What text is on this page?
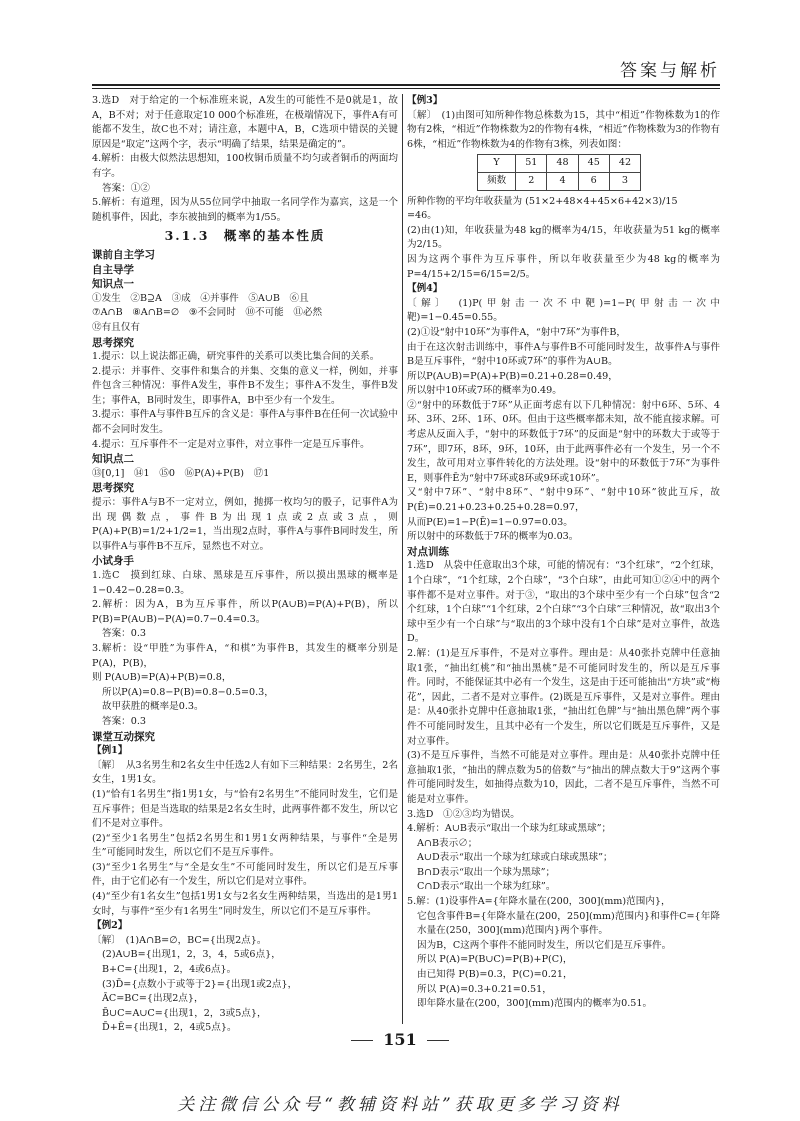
答案与解析

3.选D　对于给定的一个标准班来说，A发生的可能性不是0就是1，故A，B不对；对于任意取定10 000个标准班，在极端情况下，事件A有可能都不发生，故C也不对；请注意，本题中A，B，C选项中错误的关键原因是“取定”这两个字，表示“明确了结果，结果是确定的”。

4.解析：由极大似然法思想知，100枚铜币质量不均匀或者铜币的两面均有字。

答案：①②

5.解析：有道理，因为从55位同学中抽取一名同学作为嘉宾，这是一个随机事件，因此，李东被抽到的概率为1/55。

3.1.3　概率的基本性质

课前自主学习

自主导学

知识点一

①发生　②B⊇A　③成　④并事件　⑤A∪B　⑥且

⑦A∩B　⑧A∩B=∅　⑨不会同时　⑩不可能　⑪必然

⑫有且仅有

思考探究

1.提示：以上说法都正确，研究事件的关系可以类比集合间的关系。

2.提示：并事件、交事件和集合的并集、交集的意义一样，例如，并事件包含三种情况：事件A发生，事件B不发生；事件A不发生，事件B发生；事件A，B同时发生，即事件A，B中至少有一个发生。

3.提示：事件A与事件B互斥的含义是：事件A与事件B在任何一次试验中都不会同时发生。

4.提示：互斥事件不一定是对立事件，对立事件一定是互斥事件。

知识点二

⑬[0,1]　⑭1　⑮0　⑯P(A)+P(B)　⑰1

思考探究

提示：事件A与B不一定对立，例如，抛掷一枚均匀的骰子，记事件A为出现偶数点，事件B为出现1点或2点或3点，则P(A)+P(B)=1/2+1/2=1，当出现2点时，事件A与事件B同时发生，所以事件A与事件B不互斥，显然也不对立。

小试身手

1.选C　摸到红球、白球、黑球是互斥事件，所以摸出黑球的概率是1−0.42−0.28=0.3。

2.解析：因为A，B为互斥事件，所以P(A∪B)=P(A)+P(B)，所以P(B)=P(A∪B)−P(A)=0.7−0.4=0.3。

答案：0.3

3.解析：设“甲胜”为事件A，“和棋”为事件B，其发生的概率分别是P(A)，P(B)，

则 P(A∪B)=P(A)+P(B)=0.8，

所以P(A)=0.8−P(B)=0.8−0.5=0.3，

故甲获胜的概率是0.3。

答案：0.3

课堂互动探究

【 例1 】

〔解〕　从3名男生和2名女生中任选2人有如下三种结果：2名男生，2名女生，1男1女。

(1)“恰有1名男生”指1男1女，与“恰有2名男生”不能同时发生，它们是互斥事件；但是当选取的结果是2名女生时，此两事件都不发生，所以它们不是对立事件。

(2)“至少1名男生”包括2名男生和1男1女两种结果，与事件“全是男生”可能同时发生，所以它们不是互斥事件。

(3)“至少1名男生”与“全是女生”不可能同时发生，所以它们是互斥事件，由于它们必有一个发生，所以它们是对立事件。

(4)“至少有1名女生”包括1男1女与2名女生两种结果，当选出的是1男1女时，与事件“至少有1名男生”同时发生，所以它们不是互斥事件。

【 例2 】

〔解〕　(1)A∩B=∅，BC={出现2点}。

(2)A∪B={出现1，2，3，4，5或6点}，

B+C={出现1，2，4或6点}。

(3)D̄={点数小于或等于2}={出现1或2点}，

ĀC=BC={出现2点}，

B̄∪C=A∪C={出现1，2，3或5点}，

D̄+Ē={出现1，2，4或5点}。

【 例3 】

〔解〕　(1)由图可知所种作物总株数为15，其中“相近”作物株数为1的作物有2株，“相近”作物株数为2的作物有4株，“相近”作物株数为3的作物有6株，“相近”作物株数为4的作物有3株，列表如图：

Y	51	48	45	42
频数	2	4	6	3

所种作物的平均年收获量为 (51×2+48×4+45×6+42×3)/15

=46。

(2)由(1)知，年收获量为48 kg的概率为4/15，年收获量为51 kg的概率为2/15。

因为这两个事件为互斥事件，所以年收获量至少为48 kg的概率为P=4/15+2/15=6/15=2/5。

【 例4 】

〔解〕　(1)P(甲射击一次不中靶)=1−P(甲射击一次中靶)=1−0.45=0.55。

(2)①设“射中10环”为事件A，“射中7环”为事件B，

由于在这次射击训练中，事件A与事件B不可能同时发生，故事件A与事件B是互斥事件，“射中10环或7环”的事件为A∪B。

所以P(A∪B)=P(A)+P(B)=0.21+0.28=0.49，

所以射中10环或7环的概率为0.49。

②“射中的环数低于7环”从正面考虑有以下几种情况：射中6环、5环、4环、3环、2环、1环、0环。但由于这些概率都未知，故不能直接求解。可考虑从反面入手，“射中的环数低于7环”的反面是“射中的环数大于或等于7环”，即7环，8环，9环，10环，由于此两事件必有一个发生，另一个不发生，故可用对立事件转化的方法处理。设“射中的环数低于7环”为事件E，则事件Ē为“射中7环或8环或9环或10环”。

又“射中7环”、“射中8环”、“射中9环”、“射中10环”彼此互斥，故P(Ē)=0.21+0.23+0.25+0.28=0.97，

从而P(E)=1−P(Ē)=1−0.97=0.03。

所以射中的环数低于7环的概率为0.03。

对点训练

1.选D　从袋中任意取出3个球，可能的情况有：“3个红球”，“2个红球，1个白球”，“1个红球，2个白球”，“3个白球”，由此可知①②④中的两个事件都不是对立事件。对于③，“取出的3个球中至少有一个白球”包含“2个红球，1个白球”“1个红球，2个白球”“3个白球”三种情况，故“取出3个球中至少有一个白球”与“取出的3个球中没有1个白球”是对立事件，故选D。

2.解：(1)是互斥事件，不是对立事件。理由是：从40张扑克牌中任意抽取1张，“抽出红桃”和“抽出黑桃”是不可能同时发生的，所以是互斥事件。同时，不能保证其中必有一个发生，这是由于还可能抽出“方块”或“梅花”，因此，二者不是对立事件。(2)既是互斥事件，又是对立事件。理由是：从40张扑克牌中任意抽取1张，“抽出红色牌”与“抽出黑色牌”两个事件不可能同时发生，且其中必有一个发生，所以它们既是互斥事件，又是对立事件。

(3)不是互斥事件，当然不可能是对立事件。理由是：从40张扑克牌中任意抽取1张，“抽出的牌点数为5的倍数”与“抽出的牌点数大于9”这两个事件可能同时发生，如抽得点数为10，因此，二者不是互斥事件，当然不可能是对立事件。

3.选D　①②③均为错误。

4.解析：A∪B表示“取出一个球为红球或黑球”；

A∩B表示∅；

A∪D表示“取出一个球为红球或白球或黑球”；

B∩D表示“取出一个球为黑球”；

C∩D表示“取出一个球为红球”。

5.解：(1)设事件A={年降水量在(200，300](mm)范围内}，

它包含事件B={年降水量在(200，250](mm)范围内}和事件C={年降水量在(250，300](mm)范围内}两个事件。

因为B，C这两个事件不能同时发生，所以它们是互斥事件。

所以 P(A)=P(B∪C)=P(B)+P(C)，

由已知得 P(B)=0.3，P(C)=0.21，

所以 P(A)=0.3+0.21=0.51，

即年降水量在(200，300](mm)范围内的概率为0.51。

151
关注微信公众号“教辅资料站”获取更多学习资料
